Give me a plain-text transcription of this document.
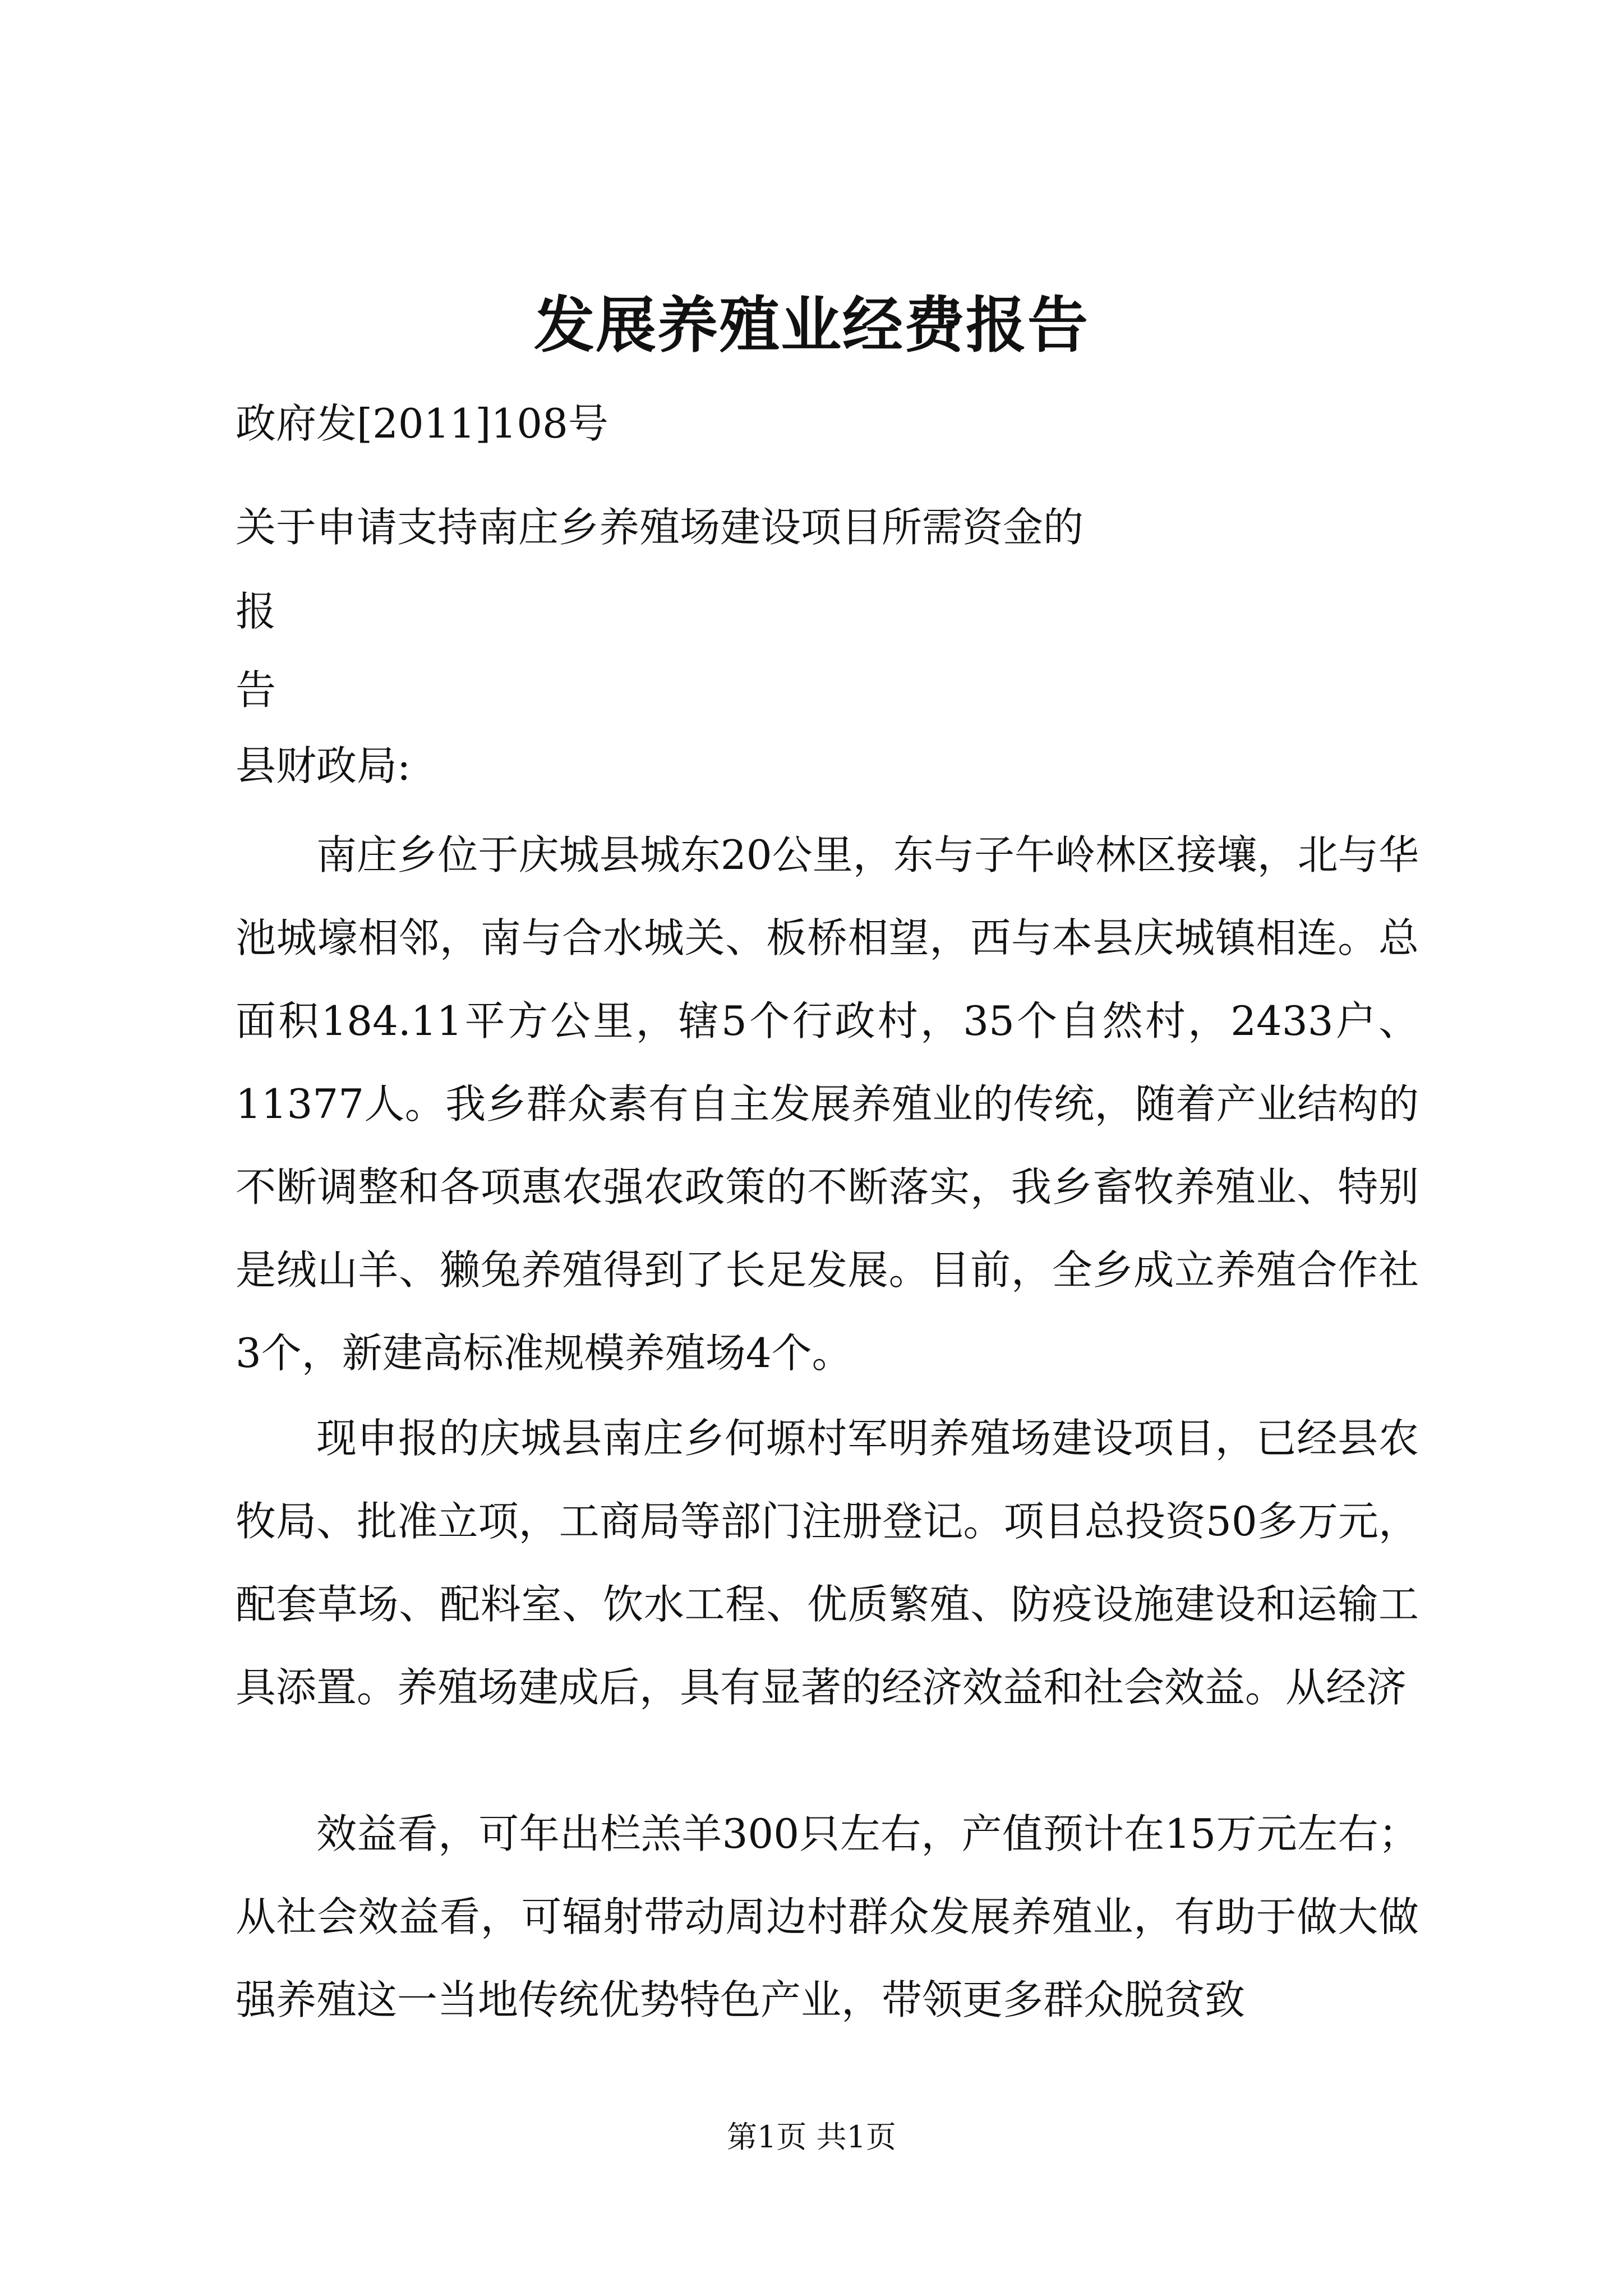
发展养殖业经费报告
政府发[2011]108号
关于申请支持南庄乡养殖场建设项目所需资金的
报
告
县财政局:
南庄乡位于庆城县城东20公里，东与子午岭林区接壤，北与华池城壕相邻，南与合水城关、板桥相望，西与本县庆城镇相连。总面积184.11平方公里，辖5个行政村，35个自然村，2433户、11377人。我乡群众素有自主发展养殖业的传统，随着产业结构的不断调整和各项惠农强农政策的不断落实，我乡畜牧养殖业、特别是绒山羊、獭兔养殖得到了长足发展。目前，全乡成立养殖合作社3个，新建高标准规模养殖场4个。
现申报的庆城县南庄乡何塬村军明养殖场建设项目，已经县农牧局、批准立项，工商局等部门注册登记。项目总投资50多万元，配套草场、配料室、饮水工程、优质繁殖、防疫设施建设和运输工具添置。养殖场建成后，具有显著的经济效益和社会效益。从经济
效益看，可年出栏羔羊300只左右，产值预计在15万元左右；从社会效益看，可辐射带动周边村群众发展养殖业，有助于做大做强养殖这一当地传统优势特色产业，带领更多群众脱贫致
第1页 共1页
